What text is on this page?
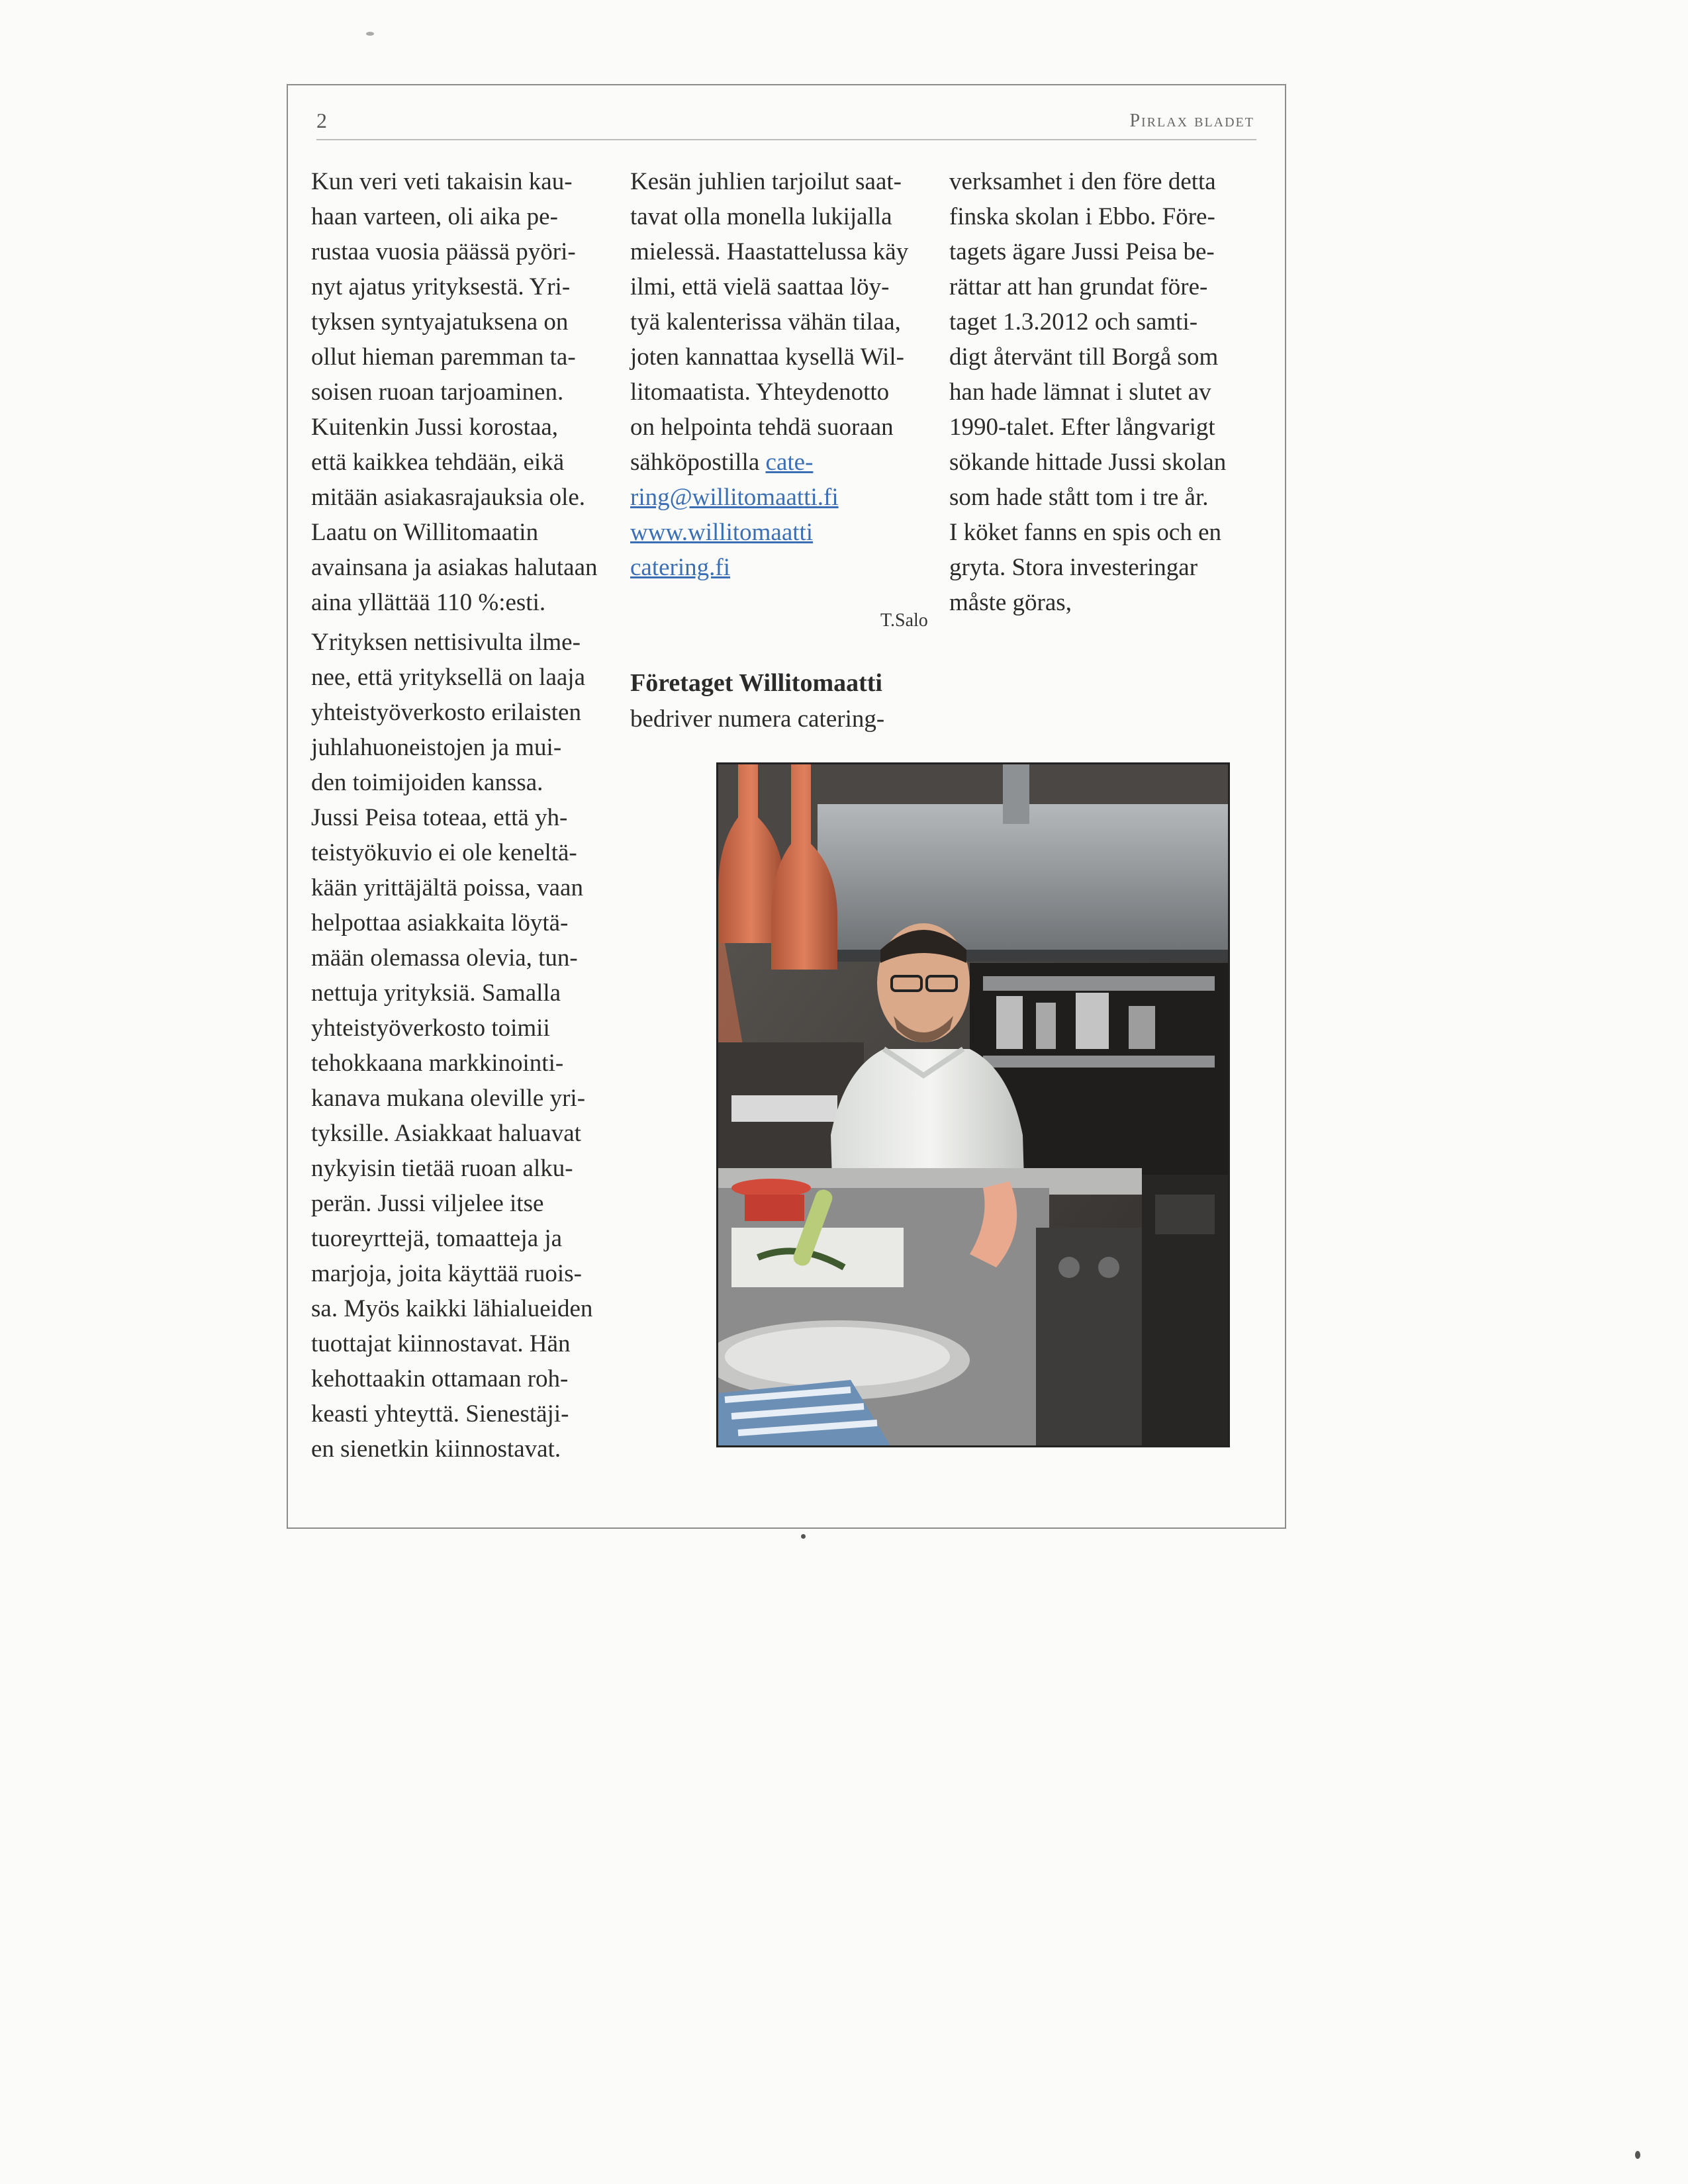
2	Pirlax bladet
Kun veri veti takaisin kau-
haan varteen, oli aika pe-
rustaa vuosia päässä pyöri-
nyt ajatus yrityksestä. Yri-
tyksen syntyajatuksena on
ollut hieman paremman ta-
soisen ruoan tarjoaminen.
Kuitenkin Jussi korostaa,
että kaikkea tehdään, eikä
mitään asiakasrajauksia ole.
Laatu on Willitomaatin
avainsana ja asiakas halutaan
aina yllättää 110 %:esti.
Yrityksen nettisivulta ilme-
nee, että yrityksellä on laaja
yhteistyöverkosto erilaisten
juhlahuoneistojen ja mui-
den toimijoiden kanssa.
Jussi Peisa toteaa, että yh-
teistyökuvio ei ole keneltä-
kään yrittäjältä poissa, vaan
helpottaa asiakkaita löytä-
mään olemassa olevia, tun-
nettuja yrityksiä. Samalla
yhteistyöverkosto toimii
tehokkaana markkinointi-
kanava mukana oleville yri-
tyksille. Asiakkaat haluavat
nykyisin tietää ruoan alku-
perän. Jussi viljelee itse
tuoreyrttejä, tomaatteja ja
marjoja, joita käyttää ruois-
sa. Myös kaikki lähialueiden
tuottajat kiinnostavat. Hän
kehottaakin ottamaan roh-
keasti yhteyttä. Sienestäji-
en sienetkin kiinnostavat.
Kesän juhlien tarjoilut saat-
tavat olla monella lukijalla
mielessä. Haastattelussa käy
ilmi, että vielä saattaa löy-
tyä kalenterissa vähän tilaa,
joten kannattaa kysellä Wil-
litomaatista. Yhteydenotto
on helpointa tehdä suoraan
sähköpostilla cate-
ring@willitomaatti.fi
www.willitomaatti
catering.fi
T.Salo
Företaget Willitomaatti
bedriver numera catering-
verksamhet i den före detta
finska skolan i Ebbo. Före-
tagets ägare Jussi Peisa be-
rättar att han grundat före-
taget 1.3.2012 och samti-
digt återvänt till Borgå som
han hade lämnat i slutet av
1990-talet. Efter långvarigt
sökande hittade Jussi skolan
som hade stått tom i tre år.
I köket fanns en spis och en
gryta. Stora investeringar
måste göras,
